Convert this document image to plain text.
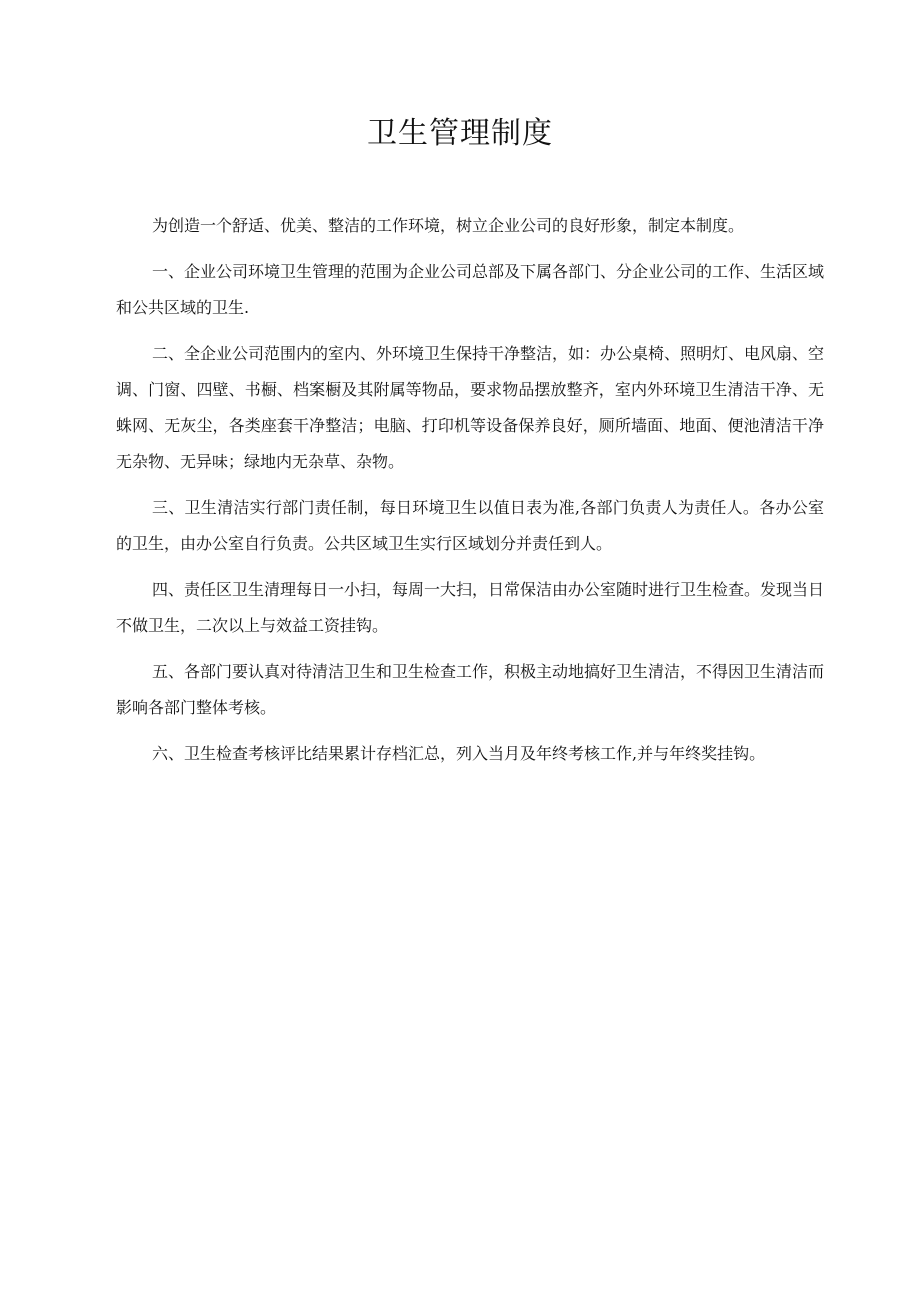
卫生管理制度

为创造一个舒适、优美、整洁的工作环境，树立企业公司的良好形象，制定本制度。

一、企业公司环境卫生管理的范围为企业公司总部及下属各部门、分企业公司的工作、生活区域和公共区域的卫生.

二、全企业公司范围内的室内、外环境卫生保持干净整洁，如：办公桌椅、照明灯、电风扇、空调、门窗、四壁、书橱、档案橱及其附属等物品，要求物品摆放整齐，室内外环境卫生清洁干净、无蛛网、无灰尘，各类座套干净整洁；电脑、打印机等设备保养良好，厕所墙面、地面、便池清洁干净无杂物、无异味；绿地内无杂草、杂物。

三、卫生清洁实行部门责任制，每日环境卫生以值日表为准,各部门负责人为责任人。各办公室的卫生，由办公室自行负责。公共区域卫生实行区域划分并责任到人。

四、责任区卫生清理每日一小扫，每周一大扫，日常保洁由办公室随时进行卫生检查。发现当日不做卫生，二次以上与效益工资挂钩。

五、各部门要认真对待清洁卫生和卫生检查工作，积极主动地搞好卫生清洁，不得因卫生清洁而影响各部门整体考核。

六、卫生检查考核评比结果累计存档汇总，列入当月及年终考核工作,并与年终奖挂钩。
